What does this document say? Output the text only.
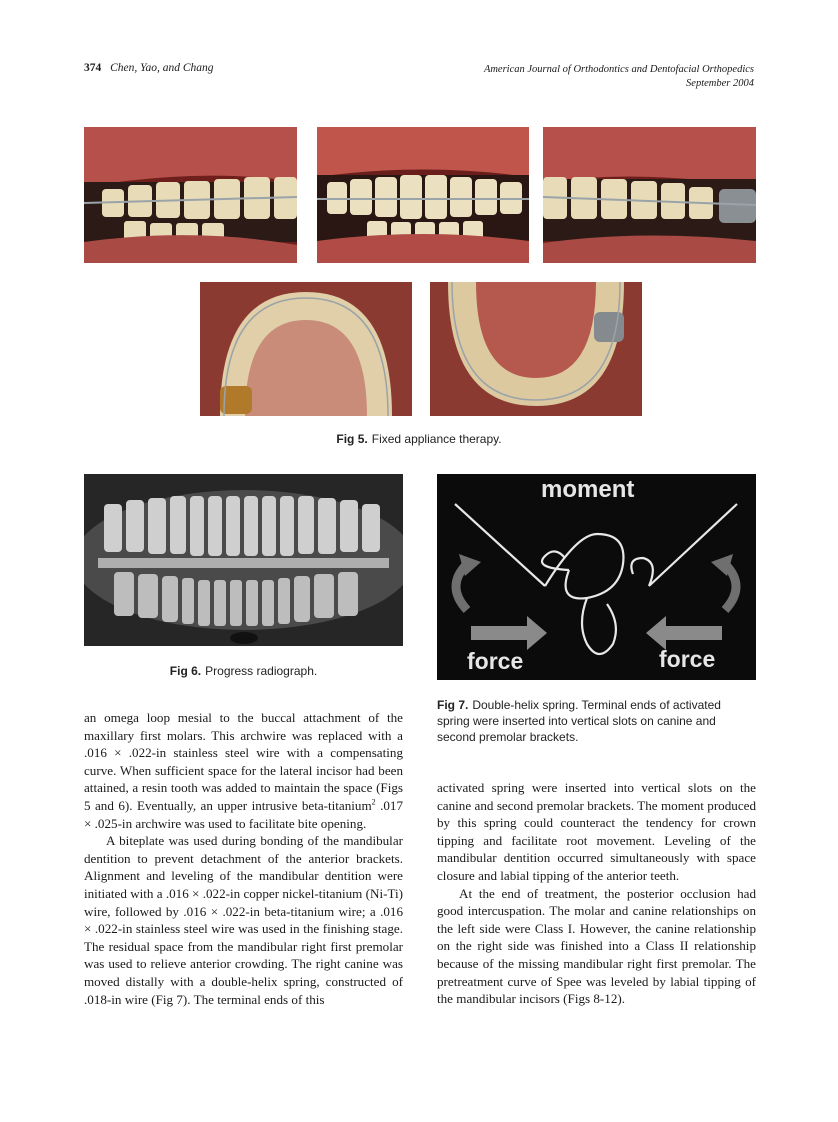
374 Chen, Yao, and Chang	American Journal of Orthodontics and Dentofacial Orthopedics
September 2004
Fig 5. Fixed appliance therapy.
Fig 6. Progress radiograph.
moment
force	force
Fig 7. Double-helix spring. Terminal ends of activated spring were inserted into vertical slots on canine and second premolar brackets.

an omega loop mesial to the buccal attachment of the maxillary first molars. This archwire was replaced with a .016 × .022-in stainless steel wire with a compensating curve. When sufficient space for the lateral incisor had been attained, a resin tooth was added to maintain the space (Figs 5 and 6). Eventually, an upper intrusive beta-titanium$^2$ .017 × .025-in archwire was used to facilitate bite opening.

A biteplate was used during bonding of the mandibular dentition to prevent detachment of the anterior brackets. Alignment and leveling of the mandibular dentition were initiated with a .016 × .022-in copper nickel-titanium (Ni-Ti) wire, followed by .016 × .022-in beta-titanium wire; a .016 × .022-in stainless steel wire was used in the finishing stage. The residual space from the mandibular right first premolar was used to relieve anterior crowding. The right canine was moved distally with a double-helix spring, constructed of .018-in wire (Fig 7). The terminal ends of this

activated spring were inserted into vertical slots on the canine and second premolar brackets. The moment produced by this spring could counteract the tendency for crown tipping and facilitate root movement. Leveling of the mandibular dentition occurred simultaneously with space closure and labial tipping of the anterior teeth.

At the end of treatment, the posterior occlusion had good intercuspation. The molar and canine relationships on the left side were Class I. However, the canine relationship on the right side was finished into a Class II relationship because of the missing mandibular right first premolar. The pretreatment curve of Spee was leveled by labial tipping of the mandibular incisors (Figs 8-12).
